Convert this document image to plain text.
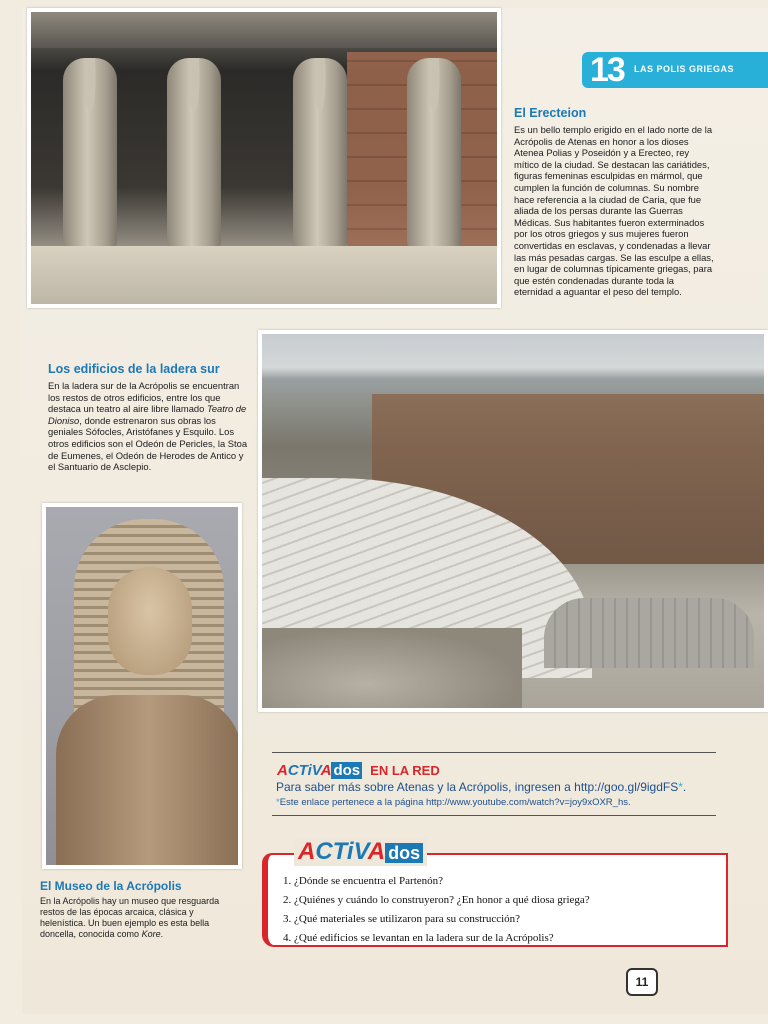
13 LAS POLIS GRIEGAS
El Erecteion

Es un bello templo erigido en el lado norte de la Acrópolis de Atenas en honor a los dioses Atenea Polias y Poseidón y a Erecteo, rey mítico de la ciudad. Se destacan las cariátides, figuras femeninas esculpidas en mármol, que cumplen la función de columnas. Su nombre hace referencia a la ciudad de Caria, que fue aliada de los persas durante las Guerras Médicas. Sus habitantes fueron exterminados por los otros griegos y sus mujeres fueron convertidas en esclavas, y condenadas a llevar las más pesadas cargas. Se las esculpe a ellas, en lugar de columnas típicamente griegas, para que estén condenadas durante toda la eternidad a aguantar el peso del templo.

Los edificios de la ladera sur

En la ladera sur de la Acrópolis se encuentran los restos de otros edificios, entre los que destaca un teatro al aire libre llamado Teatro de Dioniso, donde estrenaron sus obras los geniales Sófocles, Aristófanes y Esquilo. Los otros edificios son el Odeón de Pericles, la Stoa de Eumenes, el Odeón de Herodes de Antico y el Santuario de Asclepio.

El Museo de la Acrópolis

En la Acrópolis hay un museo que resguarda restos de las épocas arcaica, clásica y helenística. Un buen ejemplo es esta bella doncella, conocida como Kore.

ACTiVA dos EN LA RED
Para saber más sobre Atenas y la Acrópolis, ingresen a http://goo.gl/9igdFS*.
*Este enlace pertenece a la página http://www.youtube.com/watch?v=joy9xOXR_hs.
ACTiVA dos
1. ¿Dónde se encuentra el Partenón?
2. ¿Quiénes y cuándo lo construyeron? ¿En honor a qué diosa griega?
3. ¿Qué materiales se utilizaron para su construcción?
4. ¿Qué edificios se levantan en la ladera sur de la Acrópolis?
11
